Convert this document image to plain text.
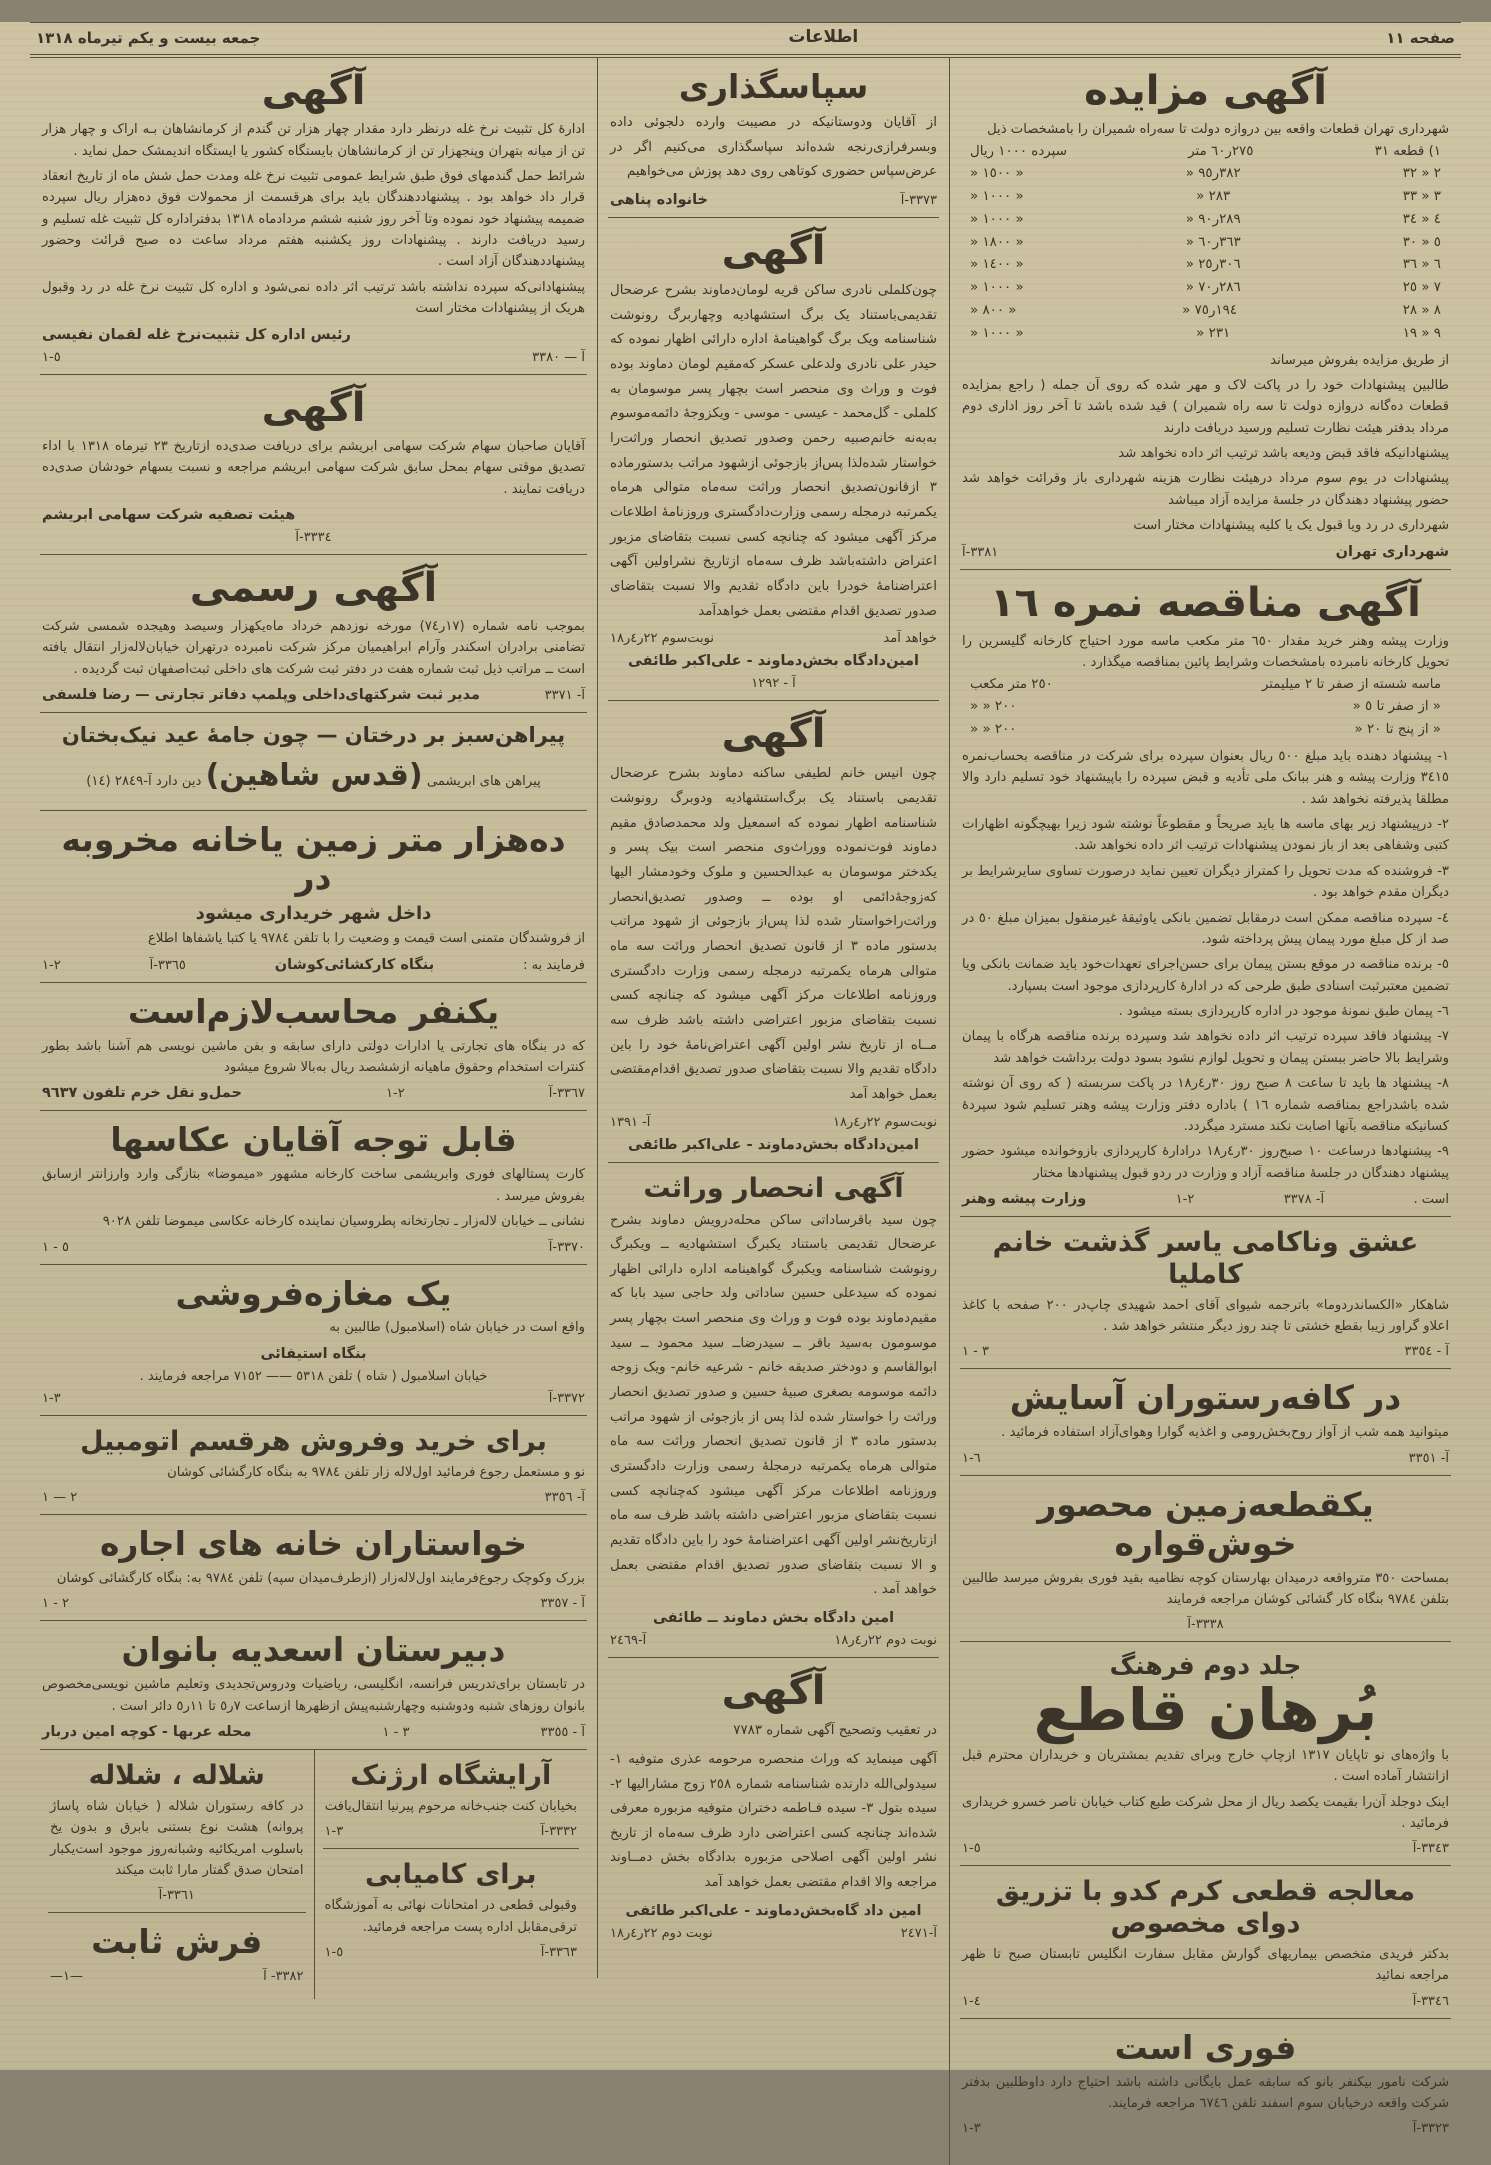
صفحه ١١
اطلاعات
جمعه بیست و یکم تیرماه ١٣١٨
آگهی مزایده

شهرداری تهران قطعات واقعه بین دروازه دولت تا سه‌راه شمیران را بامشخصات ذیل

١) قطعه ٣١
٢٧٥ر٦٠ متر
سپرده ١٠٠٠ ریال
٢ « ٣٢
٣٨٢ر٩٥ «
« ١٥٠٠ «
٣ « ٣٣
٢٨٣ «
« ١٠٠٠ «
٤ « ٣٤
٢٨٩ر٩٠ «
« ١٠٠٠ «
٥ « ٣٠
٣٦٣ر٦٠ «
« ١٨٠٠ «
٦ « ٣٦
٣٠٦ر٢٥ «
« ١٤٠٠ «
٧ « ٢٥
٢٨٦ر٧٠ «
« ١٠٠٠ «
٨ « ٢٨
١٩٤ر٧٥ «
« ٨٠٠ «
٩ « ١٩
٢٣١ «
« ١٠٠٠ «

از طریق مزایده بفروش میرساند

طالبین پیشنهادات خود را در پاکت لاک و مهر شده که روی آن جمله ( راجع بمزایده قطعات ده‌گانه دروازه دولت تا سه راه شمیران ) قید شده باشد تا آخر روز اداری دوم مرداد بدفتر هیئت نظارت تسلیم ورسید دریافت دارند

پیشنهادانیکه فاقد قبض ودیعه باشد ترتیب اثر داده نخواهد شد

پیشنهادات در یوم سوم مرداد درهیئت نظارت هزینه شهرداری باز وقرائت خواهد شد حضور پیشنهاد دهندگان در جلسهٔ مزایده آزاد میباشد

شهرداری در رد ویا قبول یک یا کلیه پیشنهادات مختار است

شهرداری تهران
٣٣٨١-آ
آگهی مناقصه نمره ١٦

وزارت پیشه وهنر خرید مقدار ٦٥٠ متر مکعب ماسه مورد احتیاج کارخانه گلیسرین را تحویل کارخانه نامبرده بامشخصات وشرایط پائین بمناقصه میگذارد .

ماسه شسته از صفر تا ٢ میلیمتر
٢٥٠ متر مکعب
« از صفر تا ٥ «
٢٠٠ « «
« از پنج تا ٢٠ «
٢٠٠ « «

١- پیشنهاد دهنده باید مبلغ ٥٠٠ ریال بعنوان سپرده برای شرکت در مناقصه بحساب‌نمره ٣٤١٥ وزارت پیشه و هنر ببانک ملی تأدیه و قبض سپرده را باپیشنهاد خود تسلیم دارد والا مطلقا پذیرفته نخواهد شد .

٢- درپیشنهاد زیر بهای ماسه ها باید صریحاً و مقطوعاً نوشته شود زیرا بهیچگونه اظهارات کتبی وشفاهی بعد از باز نمودن پیشنهادات ترتیب اثر داده نخواهد شد.

٣- فروشنده که مدت تحویل را کمتراز دیگران تعیین نماید درصورت تساوی سایرشرایط بر دیگران مقدم خواهد بود .

٤- سپرده مناقصه ممکن است درمقابل تضمین بانکی یاوثیقهٔ غیرمنقول بمیزان مبلغ ٥٠ در صد از کل مبلغ مورد پیمان پیش پرداخته شود.

٥- برنده مناقصه در موقع بستن پیمان برای حسن‌اجرای تعهدات‌خود باید ضمانت بانکی ویا تضمین معتبرثبت اسنادی طبق طرحی که در ادارهٔ کارپردازی موجود است بسپارد.

٦- پیمان طبق نمونهٔ موجود در اداره کارپردازی بسته میشود .

٧- پیشنهاد فاقد سپرده ترتیب اثر داده نخواهد شد وسپرده برنده مناقصه هرگاه با پیمان وشرایط بالا حاضر ببستن پیمان و تحویل لوازم نشود بسود دولت برداشت خواهد شد

٨- پیشنهاد ها باید تا ساعت ٨ صبح روز ٣٠ر٤ر١٨ در پاکت سربسته ( که روی آن نوشته شده باشدراجع بمناقصه شماره ١٦ ) باداره دفتر وزارت پیشه وهنر تسلیم شود سپردهٔ کسانیکه مناقصه بآنها اصابت نکند مسترد میگردد.

٩- پیشنهادها درساعت ١٠ صبح‌روز ٣٠ر٤ر١٨ درادارهٔ کارپردازی بازوخوانده میشود حضور پیشنهاد دهندگان در جلسهٔ مناقصه آزاد و وزارت در ردو قبول پیشنهادها مختار

است .
آ- ٣٣٧٨
٢-١
وزارت پیشه وهنر
عشق وناکامی یاسر گذشت خانم کاملیا

شاهکار «الکساندردوما» باترجمه شیوای آقای احمد شهیدی چاپ‌در ٢٠٠ صفحه با کاغذ اعلاو گراور زیبا بقطع خشتی تا چند روز دیگر منتشر خواهد شد .

آ - ٣٣٥٤
٣ - ١
در کافه‌رستوران آسایش

میتوانید همه شب از آواز روح‌بخش‌رومی و اغذیه گوارا وهوای‌آزاد استفاده فرمائید .

آ- ٣٣٥١
٦-١
یکقطعه‌زمین محصور خوش‌قواره

بمساحت ٣٥٠ مترواقعه درمیدان بهارستان کوچه نظامیه بقید فوری بفروش میرسد طالبین بتلفن ٩٧٨٤ بنگاه کار گشائی کوشان مراجعه فرمایند

٣٣٣٨-آ
جلد دوم فرهنگ
بُرهان قاطع

با واژه‌های نو تاپایان ١٣١٧ ازچاپ خارج وبرای تقدیم بمشتریان و خریداران محترم قبل ازانتشار آماده است .

اینک دوجلد آن‌را بقیمت یکصد ریال از محل شرکت طبع کتاب خیابان ناصر خسرو خریداری فرمائید .

٣٣٤٣-آ
٥-١
معالجه قطعی کرم کدو با تزریق دوای مخصوص

بدکتر فریدی متخصص بیماریهای گوارش مقابل سفارت انگلیس تابستان صبح تا ظهر مراجعه نمائید

٣٣٤٦-آ
٤-١
فوری است

شرکت نامور بیکنفر بانو که سابقه عمل بایگانی داشته باشد احتیاج دارد داوطلبین بدفتر شرکت واقعه درخیابان سوم اسفند تلفن ٦٧٤٦ مراجعه فرمایند.

٣٣٢٣-آ
٣-١
سپاسگذاری

از آقایان ودوستانیکه در مصیبت وارده دلجوئی داده وبسرفرازی‌رنجه شده‌اند سپاسگذاری می‌کنیم اگر در عرض‌سپاس حضوری کوتاهی روی دهد پوزش می‌خواهیم

٣٣٧٣-آ
خانواده پناهی
آگهی

چون‌کلملی نادری ساکن قریه لومان‌دماوند بشرح عرضحال تقدیمی‌باستناد یک برگ استشهادیه وچهاربرگ رونوشت شناسنامه ویک برگ گواهینامهٔ اداره دارائی اظهار نموده که حیدر علی نادری ولدعلی عسکر که‌مقیم لومان دماوند بوده فوت و وراث وی منحصر است بچهار پسر موسومان به کلملی - گل‌محمد - عیسی - موسی - ویکزوجهٔ دائمه‌موسوم به‌به‌نه خانم‌صبیه رحمن وصدور تصدیق انحصار وراثت‌را خواستار شده‌لذا پس‌از بازجوئی ازشهود مراتب بدستورماده ٣ ازقانون‌تصدیق انحصار وراثت سه‌ماه متوالی هرماه یکمرتبه درمجله رسمی وزارت‌دادگستری وروزنامهٔ اطلاعات مرکز آگهی میشود که چنانچه کسی نسبت بتقاضای مزبور اعتراض داشته‌باشد ظرف سه‌ماه ازتاریخ نشراولین آگهی اعتراضنامهٔ خودرا باین دادگاه تقدیم والا نسبت بتقاضای صدور تصدیق اقدام مقتضی بعمل خواهدآمد

خواهد آمد
نوبت‌سوم ٢٢ر٤ر١٨
امین‌دادگاه بخش‌دماوند - علی‌اکبر طائفی
آ - ١٢٩٢
آگهی

چون انیس خانم لطیفی ساکنه دماوند بشرح عرضحال تقدیمی باستناد یک برگ‌استشهادیه ودوبرگ رونوشت شناسنامه اظهار نموده که اسمعیل ولد محمدصادق مقیم دماوند فوت‌نموده ووراث‌وی منحصر است بیک پسر و یکدختر موسومان به عبدالحسین و ملوک وخودمشار الیها که‌زوجهٔ‌دائمی او بوده ــ وصدور تصدیق‌انحصار وراثت‌راخواستار شده لذا پس‌از بازجوئی از شهود مراتب بدستور ماده ٣ از قانون تصدیق انحصار وراثت سه ماه متوالی هرماه یکمرتبه درمجله رسمی وزارت دادگستری وروزنامه اطلاعات مرکز آگهی میشود که چنانچه کسی نسبت بتقاضای مزبور اعتراضی داشته باشد ظرف سه مــاه از تاریخ نشر اولین آگهی اعتراض‌نامهٔ خود را باین دادگاه تقدیم والا نسبت بتقاضای صدور تصدیق اقدام‌مقتضی بعمل خواهد آمد

نوبت‌سوم ٢٢ر٤ر١٨
آ- ١٣٩١
امین‌دادگاه بخش‌دماوند - علی‌اکبر طائفی
آگهی انحصار وراثت

چون سید باقرساداتی ساکن محله‌درویش دماوند بشرح عرضحال تقدیمی باستناد یکبرگ استشهادیه ــ ویکبرگ رونوشت شناسنامه ویکبرگ گواهینامه اداره دارائی اظهار نموده که سیدعلی حسین ساداتی ولد حاجی سید بابا که مقیم‌دماوند بوده فوت و وراث وی منحصر است بچهار پسر موسومون به‌سید باقر ــ سیدرضاــ سید محمود ــ سید ابوالقاسم و دودختر صدیقه خانم - شرعیه خانم- ویک زوجه دائمه موسومه بصغری صبیهٔ حسین و صدور تصدیق انحصار وراثت را خواستار شده لذا پس از بازجوئی از شهود مراتب بدستور ماده ٣ از قانون تصدیق انحصار وراثت سه ماه متوالی هرماه یکمرتبه درمجلهٔ رسمی وزارت دادگستری وروزنامه اطلاعات مرکز آگهی میشود که‌چنانچه کسی نسبت بتقاضای مزبور اعتراضی داشته باشد ظرف سه ماه ازتاریخ‌نشر اولین آگهی اعتراضنامهٔ خود را باین دادگاه تقدیم و الا نسبت بتقاضای صدور تصدیق اقدام مقتضی بعمل خواهد آمد .

امین دادگاه بخش دماوند ــ طائفی
نوبت دوم ٢٢ر٤ر١٨
آ-٢٤٦٩
آگهی

در تعقیب وتصحیح آگهی شماره ٧٧٨٣

آگهی مینماید که وراث منحصره مرحومه عذری متوفیه ١-سیدولی‌الله دارنده شناسنامه شماره ٢٥٨ زوج مشارالیها ٢- سیده بتول ٣- سیده فـاطمه دختران متوفیه مزبوره معرفی شده‌اند چنانچه کسی اعتراضی دارد ظرف سه‌ماه از تاریخ نشر اولین آگهی اصلاحی مزبوره بدادگاه بخش دمــاوند مراجعه والا اقدام مقتضی بعمل خواهد آمد

امین داد گاه‌بخش‌دماوند - علی‌اکبر طائفی
آ-٢٤٧١
نوبت دوم ٢٢ر٤ر١٨
آگهی

ادارهٔ کل تثبیت نرخ غله درنظر دارد مقدار چهار هزار تن گندم از کرمانشاهان بـه اراک و چهار هزار تن از میانه بتهران وپنجهزار تن از کرمانشاهان بایستگاه کشور یا ایستگاه اندیمشک حمل نماید .

شرائط حمل گندمهای فوق طبق شرایط عمومی تثبیت نرخ غله ومدت حمل شش ماه از تاریخ انعقاد قرار داد خواهد بود . پیشنهاددهندگان باید برای هرقسمت از محمولات فوق ده‌هزار ریال سپرده ضمیمه پیشنهاد خود نموده وتا آخر روز شنبه ششم مردادماه ١٣١٨ بدفتراداره کل تثبیت غله تسلیم و رسید دریافت دارند . پیشنهادات روز یکشنبه هفتم مرداد ساعت ده صبح قرائت وحضور پیشنهاددهندگان آزاد است .

پیشنهادانی‌که سپرده نداشته باشد ترتیب اثر داده نمی‌شود و اداره کل تثبیت نرخ غله در رد وقبول هریک از پیشنهادات مختار است

رئیس اداره کل تثبیت‌نرخ غله لقمان نفیسی
آ — ٣٣٨٠
٥-١
آگهی

آقایان صاحبان سهام شرکت سهامی ابریشم برای دریافت صدی‌ده ازتاریخ ٢٣ تیرماه ١٣١٨ با اداء تصدیق موقتی سهام بمحل سابق شرکت سهامی ابریشم مراجعه و نسبت بسهام خودشان صدی‌ده دریافت نمایند .

هیئت تصفیه شرکت سهامی ابریشم
٣٣٣٤-آ
آگهی رسمی

بموجب نامه شماره (١٧ر٧٤) مورخه نوزدهم خرداد ماه‌یکهزار وسیصد وهیجده شمسی شرکت تضامنی برادران اسکندر وآرام ابراهیمیان مرکز شرکت نامبرده درتهران خیابان‌لاله‌زار انتقال یافته است ــ مراتب ذیل ثبت شماره هفت در دفتر ثبت شرکت های داخلی ثبت‌اصفهان ثبت گردیده .

آ- ٣٣٧١
مدیر ثبت شرکتهای‌داخلی وپلمپ دفاتر تجارتی — رضا فلسفی
پیراهن‌سبز بر درختان — چون جامهٔ عید نیک‌بختان

پیراهن های ابریشمی (قدس شاهین) دین دارد آ-٢٨٤٩ (١٤)

ده‌هزار متر زمین یاخانه مخروبه در
داخل شهر خریداری میشود

از فروشندگان متمنی است قیمت و وضعیت را با تلفن ٩٧٨٤ یا کتبا یاشفاها اطلاع

فرمایند به :
بنگاه کارکشائی‌کوشان
٣٣٦٥-آ
٢-١
یکنفر محاسب‌لازم‌است

که در بنگاه های تجارتی یا ادارات دولتی دارای سابقه و بفن ماشین نویسی هم آشنا باشد بطور کنترات استخدام وحقوق ماهیانه ازششصد ریال به‌بالا شروع میشود

٣٣٦٧-آ
٢-١
حمل‌و نقل خرم تلفون ٩٦٣٧
قابل توجه آقایان عکاسها

کارت پستالهای فوری وابریشمی ساخت کارخانه مشهور «میموضا» بتازگی وارد وارزانتر ازسابق بفروش میرسد .

نشانی ــ خیابان لاله‌زار ـ تجارتخانه پطروسیان نماینده کارخانه عکاسی میموضا تلفن ٩٠٢٨

٣٣٧٠-آ
٥ - ١
یک مغازه‌فروشی

واقع است در خیابان شاه (اسلامبول) طالبین به

بنگاه استیفائی
خیابان اسلامبول ( شاه ) تلفن ٥٣١٨ —— ٧١٥٢ مراجعه فرمایند .
٣٣٧٢-آ
٣-١
برای خرید وفروش هرقسم اتومبیل

نو و مستعمل رجوع فرمائید اول‌لاله زار تلفن ٩٧٨٤ به بنگاه کارگشائی کوشان

آ- ٣٣٥٦
٢ — ١
خواستاران خانه های اجاره

بزرک وکوچک رجوع‌فرمایند اول‌لاله‌زار (ازطرف‌میدان سپه) تلفن ٩٧٨٤ به: بنگاه کارگشائی کوشان

آ - ٣٣٥٧
٢ - ١
دبیرستان اسعدیه بانوان

در تابستان برای‌تدریس فرانسه، انگلیسی، ریاضیات ودروس‌تجدیدی وتعلیم ماشین نویسی‌مخصوص بانوان روزهای شنبه ودوشنبه وچهارشنبه‌پیش ازظهرها ازساعت ٧ر٥ تا ١١ر٥ دائر است .

آ - ٣٣٥٥
٣ - ١
محله عربها - کوچه امین دربار
آرایشگاه ارژنک

بخیابان کنت جنب‌خانه مرحوم پیرنیا انتقال‌یافت

٣٣٣٢-آ
٣-١
برای کامیابی

وقبولی قطعی در امتحانات نهائی به آموزشگاه ترقی‌مقابل اداره پست مراجعه فرمائید.

٣٣٦٣-آ
٥-١
شلاله ، شلاله

در کافه رستوران شلاله ( خیابان شاه پاساژ پروانه) هشت نوع بستنی بابرق و بدون یخ باسلوب امریکائیه وشبانه‌روز موجود است‌یکبار امتحان صدق گفتار مارا ثابت میکند

٣٣٦١-آ
فرش ثابت
٣٣٨٢- آ
—١—
